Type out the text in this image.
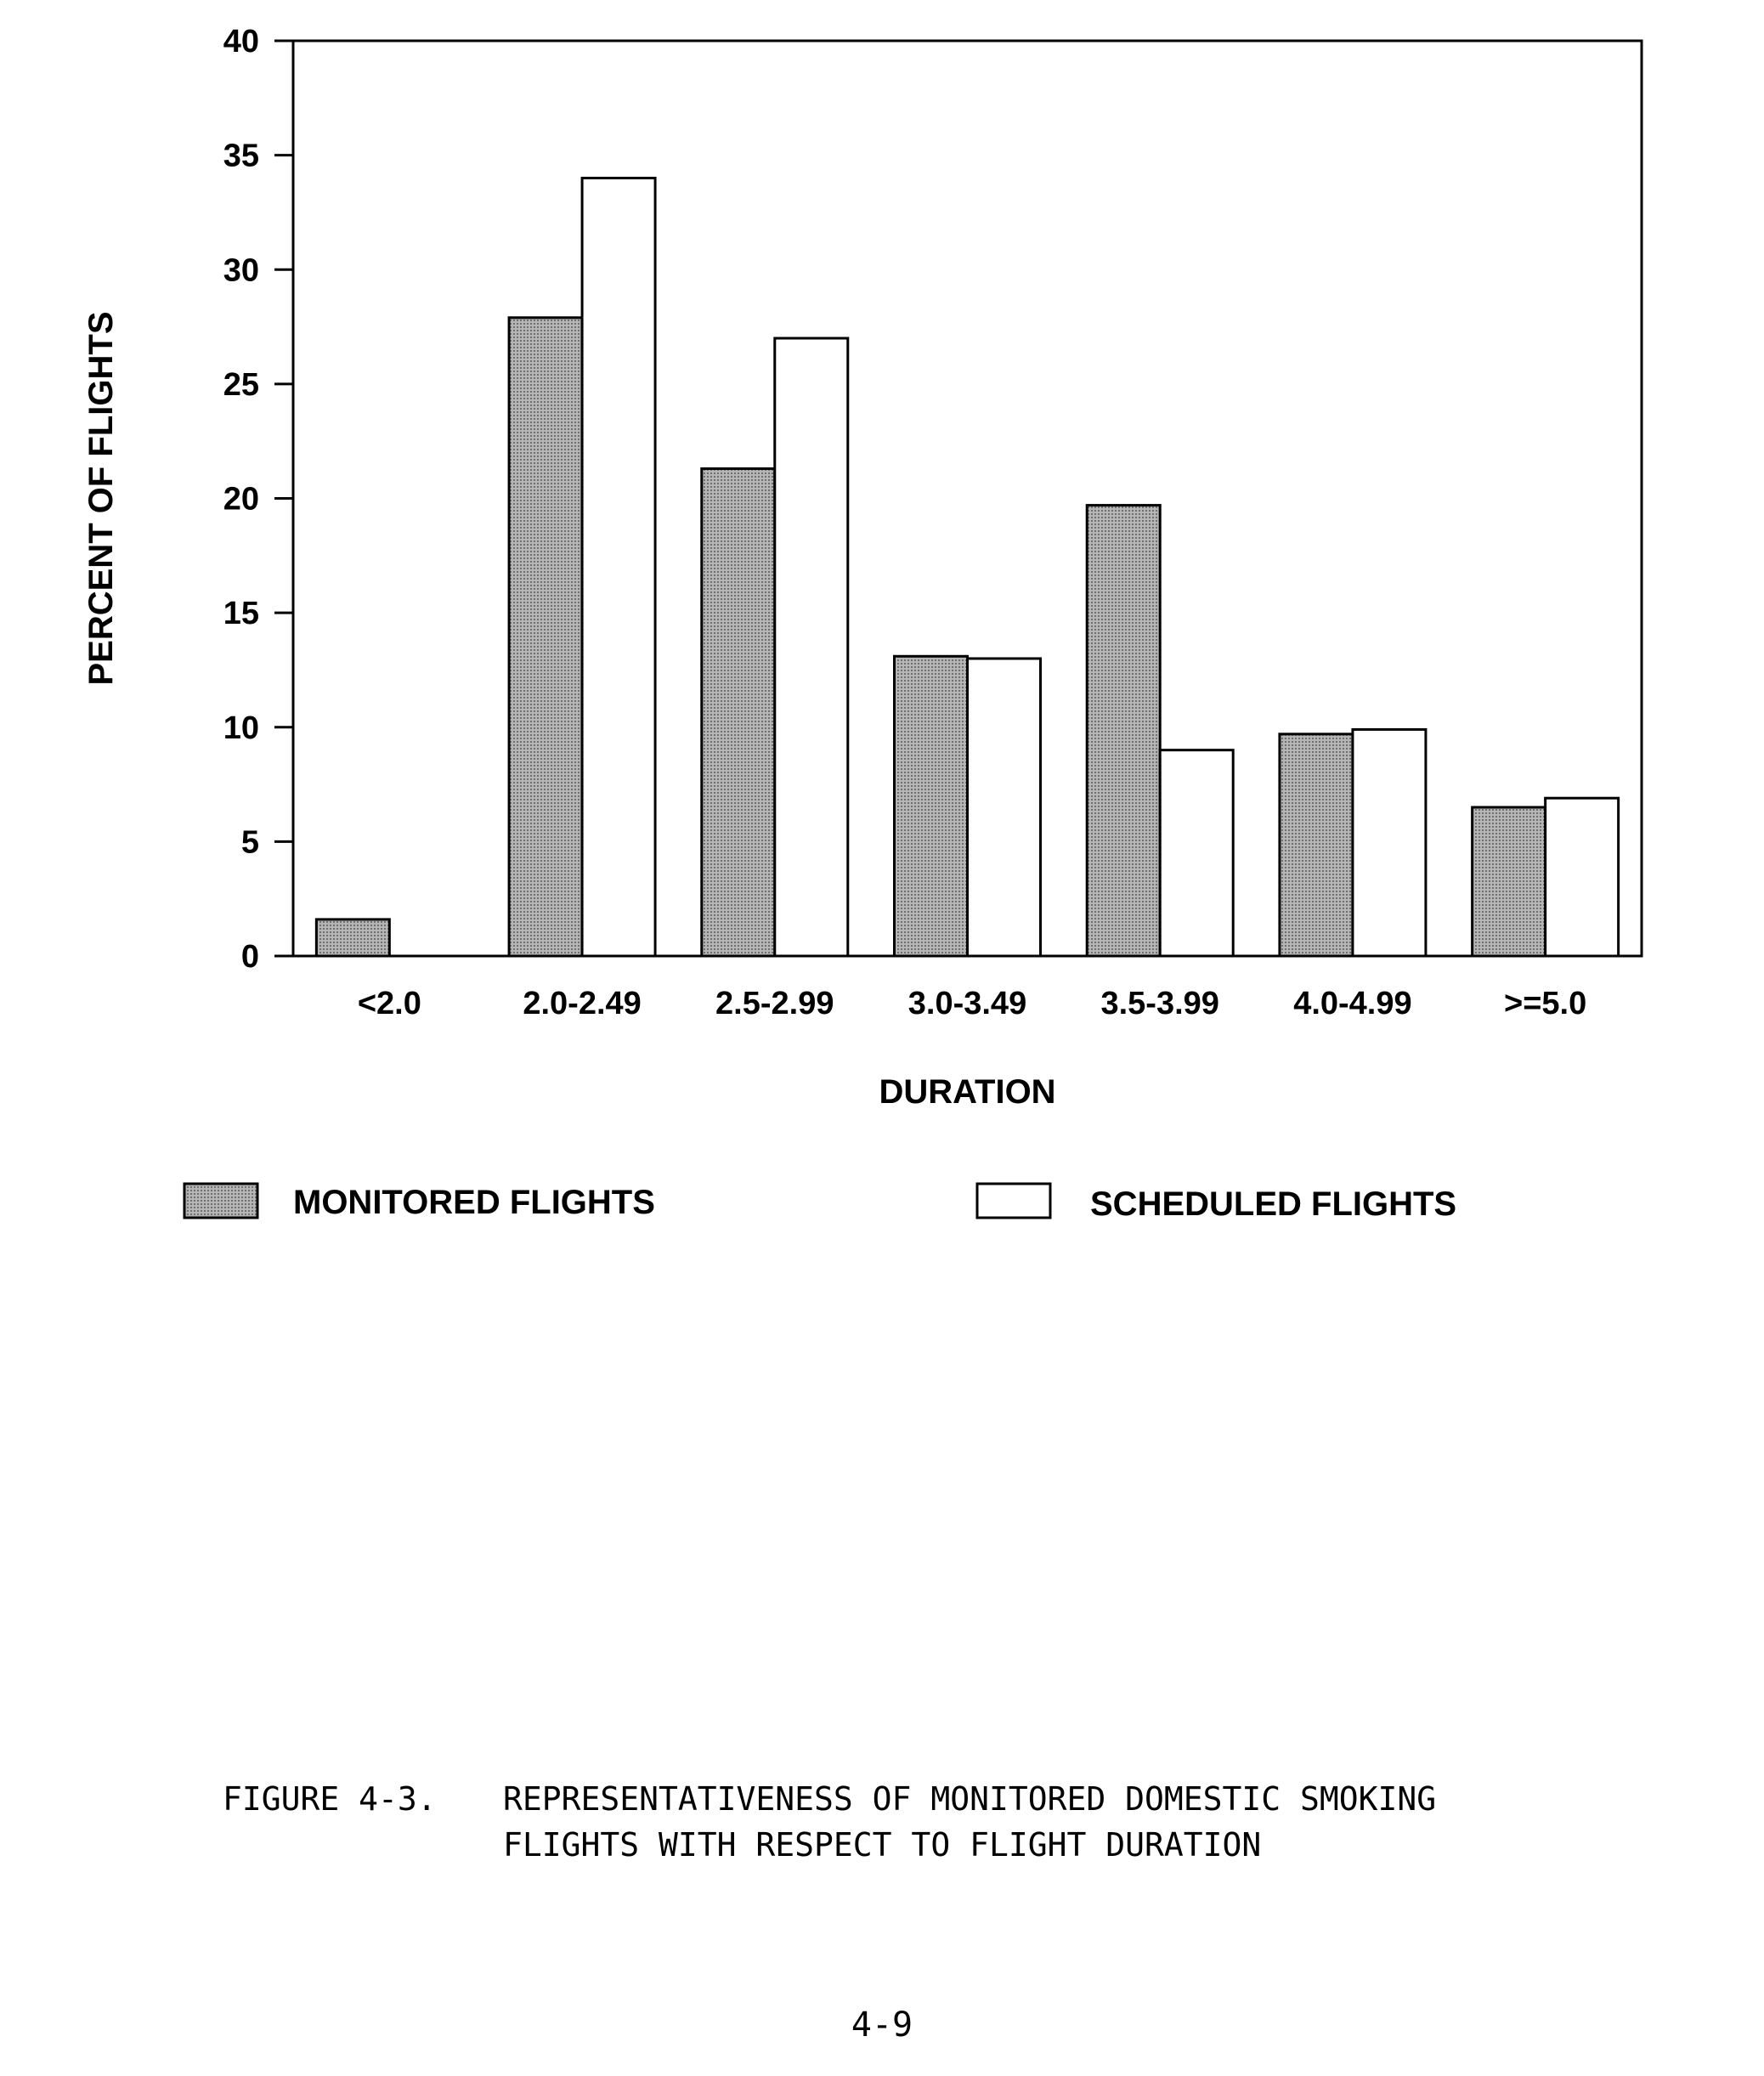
0
5
10
15
20
25
30
35
40
<2.0	2.0-2.49 2.5-2.99 3.0-3.49 3.5-3.99 4.0-4.99	>=5.0
PERCENT OF FLIGHTS
DURATION
MONITORED FLIGHTS	SCHEDULED FLIGHTS
FIGURE 4-3. REPRESENTATIVENESS OF MONITORED DOMESTIC SMOKING

FLIGHTS WITH RESPECT TO FLIGHT DURATION
4-9
